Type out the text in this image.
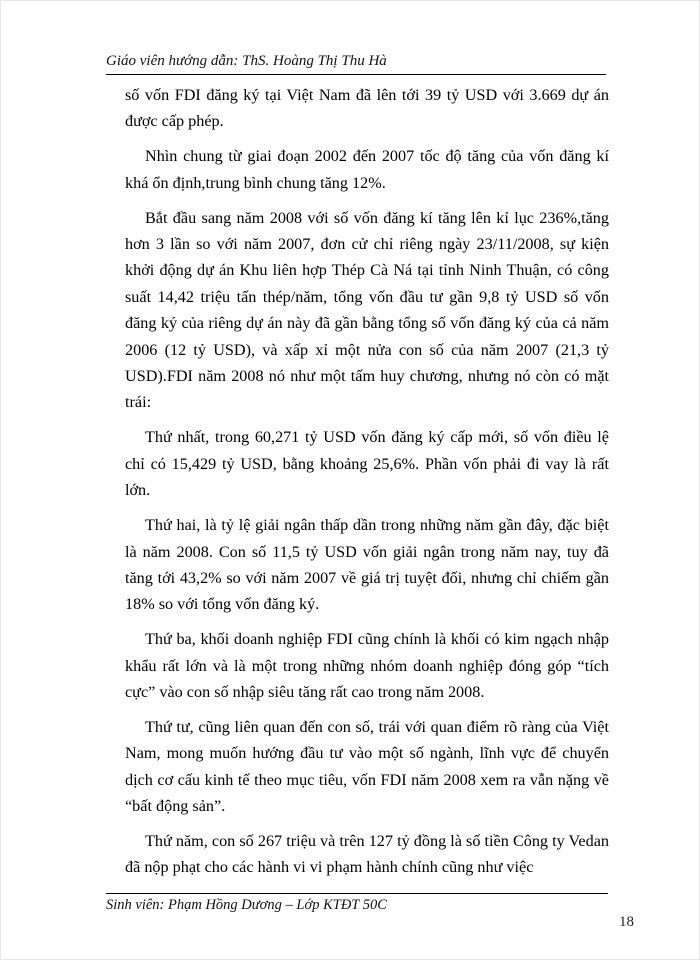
Giáo viên hướng dẫn: ThS. Hoàng Thị Thu Hà

số vốn FDI đăng ký tại Việt Nam đã lên tới 39 tỷ USD với 3.669 dự án được cấp phép.

Nhìn chung từ giai đoạn 2002 đến 2007 tốc độ tăng của vốn đăng kí khá ổn định,trung bình chung tăng 12%.

Bắt đầu sang năm 2008 với số vốn đăng kí tăng lên kỉ lục 236%,tăng hơn 3 lần so với năm 2007, đơn cử chỉ riêng ngày 23/11/2008, sự kiện khởi động dự án Khu liên hợp Thép Cà Ná tại tỉnh Ninh Thuận, có công suất 14,42 triệu tấn thép/năm, tổng vốn đầu tư gần 9,8 tỷ USD số vốn đăng ký của riêng dự án này đã gần bằng tổng số vốn đăng ký của cả năm 2006 (12 tỷ USD), và xấp xỉ một nửa con số của năm 2007 (21,3 tỷ USD).FDI năm 2008 nó như một tấm huy chương, nhưng nó còn có mặt trái:

Thứ nhất, trong 60,271 tỷ USD vốn đăng ký cấp mới, số vốn điều lệ chỉ có 15,429 tỷ USD, bằng khoảng 25,6%. Phần vốn phải đi vay là rất lớn.

Thứ hai, là tỷ lệ giải ngân thấp dần trong những năm gần đây, đặc biệt là năm 2008. Con số 11,5 tỷ USD vốn giải ngân trong năm nay, tuy đã tăng tới 43,2% so với năm 2007 về giá trị tuyệt đối, nhưng chỉ chiếm gần 18% so với tổng vốn đăng ký.

Thứ ba, khối doanh nghiệp FDI cũng chính là khối có kim ngạch nhập khẩu rất lớn và là một trong những nhóm doanh nghiệp đóng góp “tích cực” vào con số nhập siêu tăng rất cao trong năm 2008.

Thứ tư, cũng liên quan đến con số, trái với quan điểm rõ ràng của Việt Nam, mong muốn hướng đầu tư vào một số ngành, lĩnh vực để chuyển dịch cơ cấu kinh tế theo mục tiêu, vốn FDI năm 2008 xem ra vẫn nặng về “bất động sản”.

Thứ năm, con số 267 triệu và trên 127 tỷ đồng là số tiền Công ty Vedan đã nộp phạt cho các hành vi vi phạm hành chính cũng như việc

Sinh viên: Phạm Hồng Dương – Lớp KTĐT 50C
18
